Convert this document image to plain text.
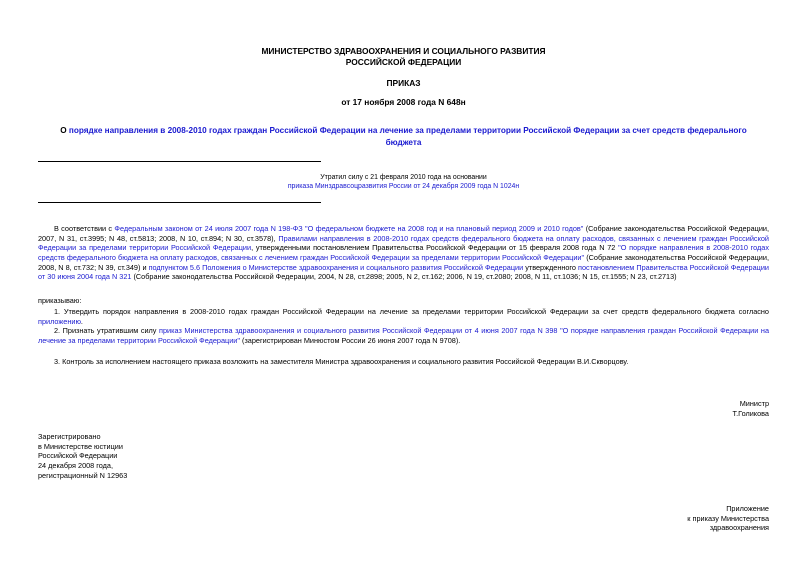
МИНИСТЕРСТВО ЗДРАВООХРАНЕНИЯ И СОЦИАЛЬНОГО РАЗВИТИЯ
РОССИЙСКОЙ ФЕДЕРАЦИИ
ПРИКАЗ
от 17 ноября 2008 года N 648н
О порядке направления в 2008-2010 годах граждан Российской Федерации на лечение за пределами территории Российской Федерации за счет средств федерального бюджета
Утратил силу с 21 февраля 2010 года на основании
приказа Минздравсоцразвития России от 24 декабря 2009 года N 1024н

В соответствии с Федеральным законом от 24 июля 2007 года N 198-ФЗ "О федеральном бюджете на 2008 год и на плановый период 2009 и 2010 годов" (Собрание законодательства Российской Федерации, 2007, N 31, ст.3995; N 48, ст.5813; 2008, N 10, ст.894; N 30, ст.3578), Правилами направления в 2008-2010 годах средств федерального бюджета на оплату расходов, связанных с лечением граждан Российской Федерации за пределами территории Российской Федерации, утвержденными постановлением Правительства Российской Федерации от 15 февраля 2008 года N 72 "О порядке направления в 2008-2010 годах средств федерального бюджета на оплату расходов, связанных с лечением граждан Российской Федерации за пределами территории Российской Федерации" (Собрание законодательства Российской Федерации, 2008, N 8, ст.732; N 39, ст.349) и подпунктом 5.6 Положения о Министерстве здравоохранения и социального развития Российской Федерации утвержденного постановлением Правительства Российской Федерации от 30 июня 2004 года N 321 (Собрание законодательства Российской Федерации, 2004, N 28, ст.2898; 2005, N 2, ст.162; 2006, N 19, ст.2080; 2008, N 11, ст.1036; N 15, ст.1555; N 23, ст.2713)

приказываю:

1. Утвердить порядок направления в 2008-2010 годах граждан Российской Федерации на лечение за пределами территории Российской Федерации за счет средств федерального бюджета согласно приложению.

2. Признать утратившим силу приказ Министерства здравоохранения и социального развития Российской Федерации от 4 июня 2007 года N 398 "О порядке направления граждан Российской Федерации на лечение за пределами территории Российской Федерации" (зарегистрирован Минюстом России 26 июня 2007 года N 9708).

3. Контроль за исполнением настоящего приказа возложить на заместителя Министра здравоохранения и социального развития Российской Федерации В.И.Скворцову.

Министр
Т.Голикова
Зарегистрировано
в Министерстве юстиции
Российской Федерации
24 декабря 2008 года,
регистрационный N 12963
Приложение
к приказу Министерства
здравоохранения
